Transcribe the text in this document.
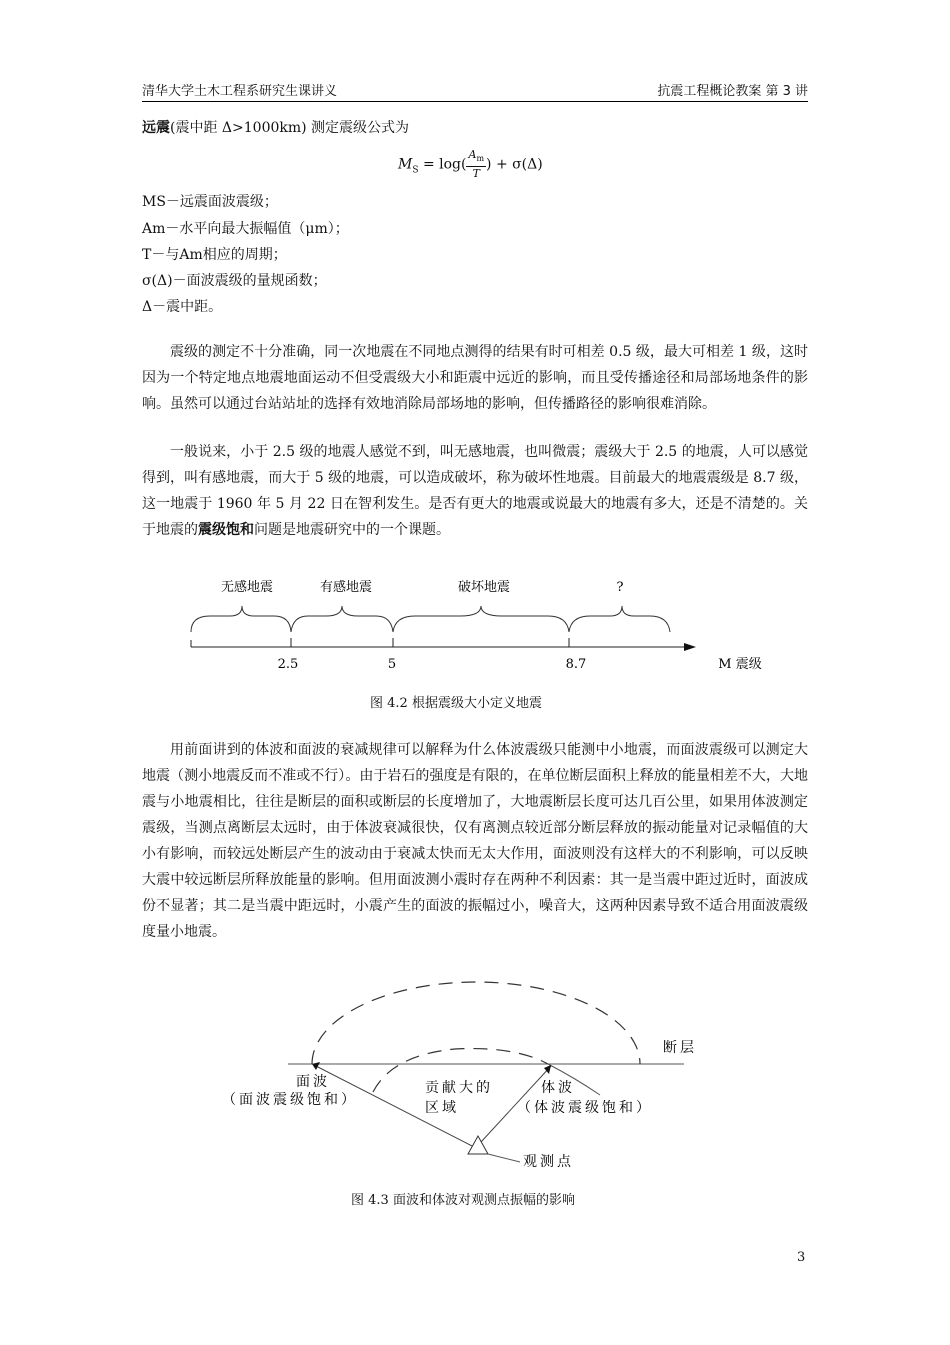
清华大学土木工程系研究生课讲义	抗震工程概论教案 第 3 讲
远震(震中距 Δ>1000km) 测定震级公式为
$M_S = \log( \frac{A_m}{T}$ ) + σ(Δ)
MS－远震面波震级；
Am－水平向最大振幅值（μm）；
T－与Am相应的周期；
σ(Δ)－面波震级的量规函数；
Δ－震中距。

震级的测定不十分准确，同一次地震在不同地点测得的结果有时可相差 0.5 级，最大可相差 1 级，这时因为一个特定地点地震地面运动不但受震级大小和距震中远近的影响，而且受传播途径和局部场地条件的影响。虽然可以通过台站站址的选择有效地消除局部场地的影响，但传播路径的影响很难消除。

一般说来，小于 2.5 级的地震人感觉不到，叫无感地震，也叫微震；震级大于 2.5 的地震，人可以感觉得到，叫有感地震，而大于 5 级的地震，可以造成破坏，称为破坏性地震。目前最大的地震震级是 8.7 级，这一地震于 1960 年 5 月 22 日在智利发生。是否有更大的地震或说最大的地震有多大，还是不清楚的。关于地震的震级饱和问题是地震研究中的一个课题。

无感地震	有感地震	破坏地震	?
2.5	5	8.7	M 震级
断层
面波
（面波震级饱和）
贡献大的
区域
体波
（体波震级饱和）
观测点
图 4.2 根据震级大小定义地震

用前面讲到的体波和面波的衰减规律可以解释为什么体波震级只能测中小地震，而面波震级可以测定大地震（测小地震反而不准或不行）。由于岩石的强度是有限的，在单位断层面积上释放的能量相差不大，大地震与小地震相比，往往是断层的面积或断层的长度增加了，大地震断层长度可达几百公里，如果用体波测定震级，当测点离断层太远时，由于体波衰减很快，仅有离测点较近部分断层释放的振动能量对记录幅值的大小有影响，而较远处断层产生的波动由于衰减太快而无太大作用，面波则没有这样大的不利影响，可以反映大震中较远断层所释放能量的影响。但用面波测小震时存在两种不利因素：其一是当震中距过近时，面波成份不显著；其二是当震中距远时，小震产生的面波的振幅过小，噪音大，这两种因素导致不适合用面波震级度量小地震。

图 4.3 面波和体波对观测点振幅的影响
3
